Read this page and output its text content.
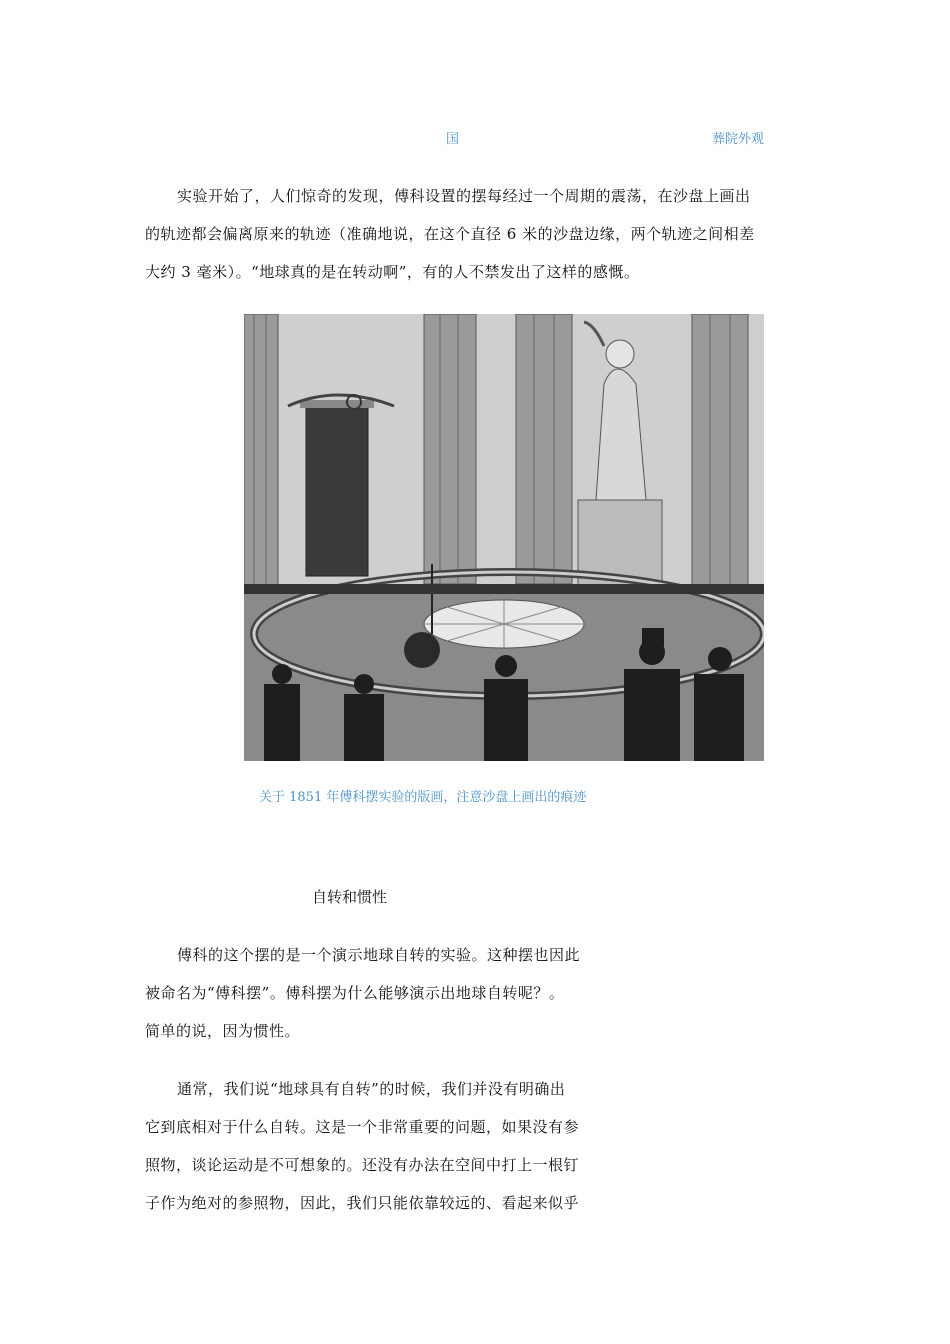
国	葬院外观
实验开始了，人们惊奇的发现，傅科设置的摆每经过一个周期的震荡，在沙盘上画出
的轨迹都会偏离原来的轨迹（准确地说，在这个直径 6 米的沙盘边缘，两个轨迹之间相差
大约 3 毫米）。“地球真的是在转动啊”，有的人不禁发出了这样的感慨。
关于 1851 年傅科摆实验的版画，注意沙盘上画出的痕迹
自转和惯性
傅科的这个摆的是一个演示地球自转的实验。这种摆也因此
被命名为“傅科摆”。傅科摆为什么能够演示出地球自转呢？。
简单的说，因为惯性。
通常，我们说“地球具有自转”的时候，我们并没有明确出
它到底相对于什么自转。这是一个非常重要的问题，如果没有参
照物，谈论运动是不可想象的。还没有办法在空间中打上一根钉
子作为绝对的参照物，因此，我们只能依靠较远的、看起来似乎
